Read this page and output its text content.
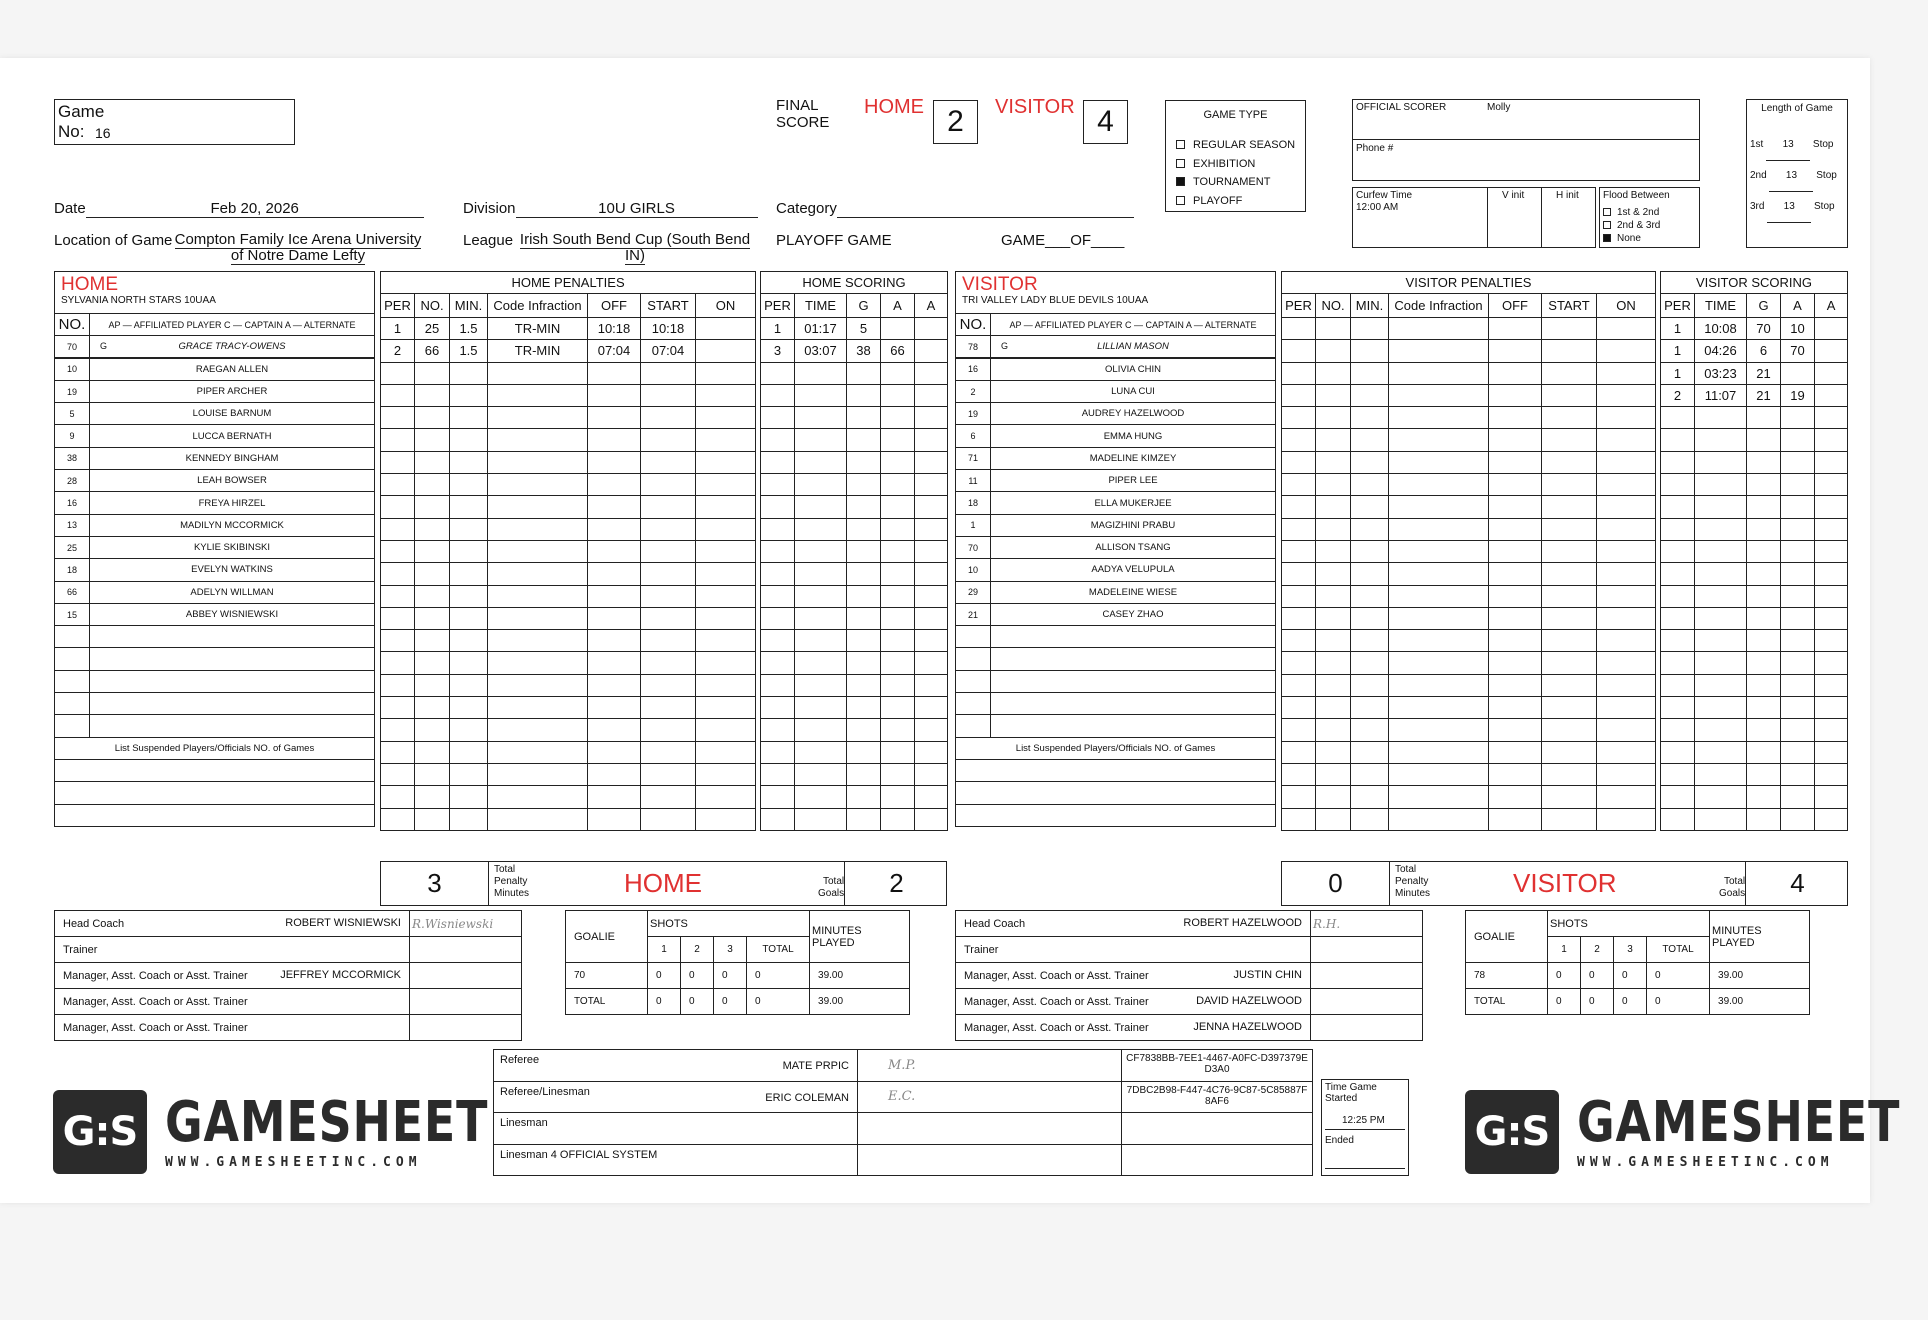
Game
No: 16
FINAL
SCORE
HOME 2	VISITOR 4	GAME TYPE
REGULAR SEASON
EXHIBITION
TOURNAMENT
PLAYOFF
OFFICIAL SCORER	Molly
Phone #
Curfew Time
12:00 AM
V init	H init Flood Between
1st & 2nd
2nd & 3rd
None
Length of Game
1st 13 Stop
2nd 13 Stop
3rd 13 Stop
Date	Feb 20, 2026	Division	10U GIRLS	Category
Location of Game Compton Family Ice Arena University of Notre Dame Lefty
League Irish South Bend Cup (South Bend IN)
PLAYOFF GAME	GAME___OF____
HOME
SYLVANIA NORTH STARS 10UAA	

NO.	AP — AFFILIATED PLAYER C — CAPTAIN A — ALTERNATE
70	G GRACE TRACY-OWENS
10	RAEGAN ALLEN
19	PIPER ARCHER
5	LOUISE BARNUM
9	LUCCA BERNATH
38	KENNEDY BINGHAM
28	LEAH BOWSER
16	FREYA HIRZEL
13	MADILYN MCCORMICK
25	KYLIE SKIBINSKI
18	EVELYN WATKINS
66	ADELYN WILLMAN
15	ABBEY WISNIEWSKI

List Suspended Players/Officials NO. of Games	

VISITOR
TRI VALLEY LADY BLUE DEVILS 10UAA	

NO.	AP — AFFILIATED PLAYER C — CAPTAIN A — ALTERNATE
78	G LILLIAN MASON
16	OLIVIA CHIN
2	LUNA CUI
19	AUDREY HAZELWOOD
6	EMMA HUNG
71	MADELINE KIMZEY
11	PIPER LEE
18	ELLA MUKERJEE
1	MAGIZHINI PRABU
70	ALLISON TSANG
10	AADYA VELUPULA
29	MADELEINE WIESE
21	CASEY ZHAO

List Suspended Players/Officials NO. of Games	

HOME PENALTIES						
PER	NO.	MIN.	Code Infraction	OFF	START	ON
1	25	1.5	TR-MIN	10:18	10:18	
2	66	1.5	TR-MIN	07:04	07:04	

VISITOR PENALTIES						
PER	NO.	MIN.	Code Infraction	OFF	START	ON

HOME SCORING				
PER	TIME	G	A	A
1	01:17	5		
3	03:07	38	66	

VISITOR SCORING				
PER	TIME	G	A	A
1	10:08	70	10	
1	04:26	6	70	
1	03:23	21		
2	11:07	21	19	

3	Total
Penalty
Minutes	HOME	Total
Goals	2	0	Total
Penalty
Minutes	VISITOR	Total
Goals	4
Head Coach ROBERT WISNIEWSKI	R.Wisniewski
Trainer

Manager, Asst. Coach or Asst. Trainer JEFFREY MCCORMICK	

Manager, Asst. Coach or Asst. Trainer

Manager, Asst. Coach or Asst. Trainer

Head Coach ROBERT HAZELWOOD	R.H.
Trainer

Manager, Asst. Coach or Asst. Trainer JUSTIN CHIN	

Manager, Asst. Coach or Asst. Trainer DAVID HAZELWOOD	

Manager, Asst. Coach or Asst. Trainer JENNA HAZELWOOD	

GOALIE	SHOTS				MINUTES
PLAYED
	1	2	3	TOTAL	
70	0	0	0	0	39.00
TOTAL	0	0	0	0	39.00
GOALIE	SHOTS				MINUTES
PLAYED
	1	2	3	TOTAL	
78	0	0	0	0	39.00
TOTAL	0	0	0	0	39.00
Referee MATE PRPIC	M.P.	CF7838BB-7EE1-4467-A0FC-D397379ED3A0
Referee/Linesman ERIC COLEMAN	E.C.	7DBC2B98-F447-4C76-9C87-5C85887F8AF6
Linesman

Linesman 4 OFFICIAL SYSTEM

Time Game
Started
12:25 PM
Ended
G:S GAMESHEET
WWW.GAMESHEETINC.COM
G:S GAMESHEET
WWW.GAMESHEETINC.COM
